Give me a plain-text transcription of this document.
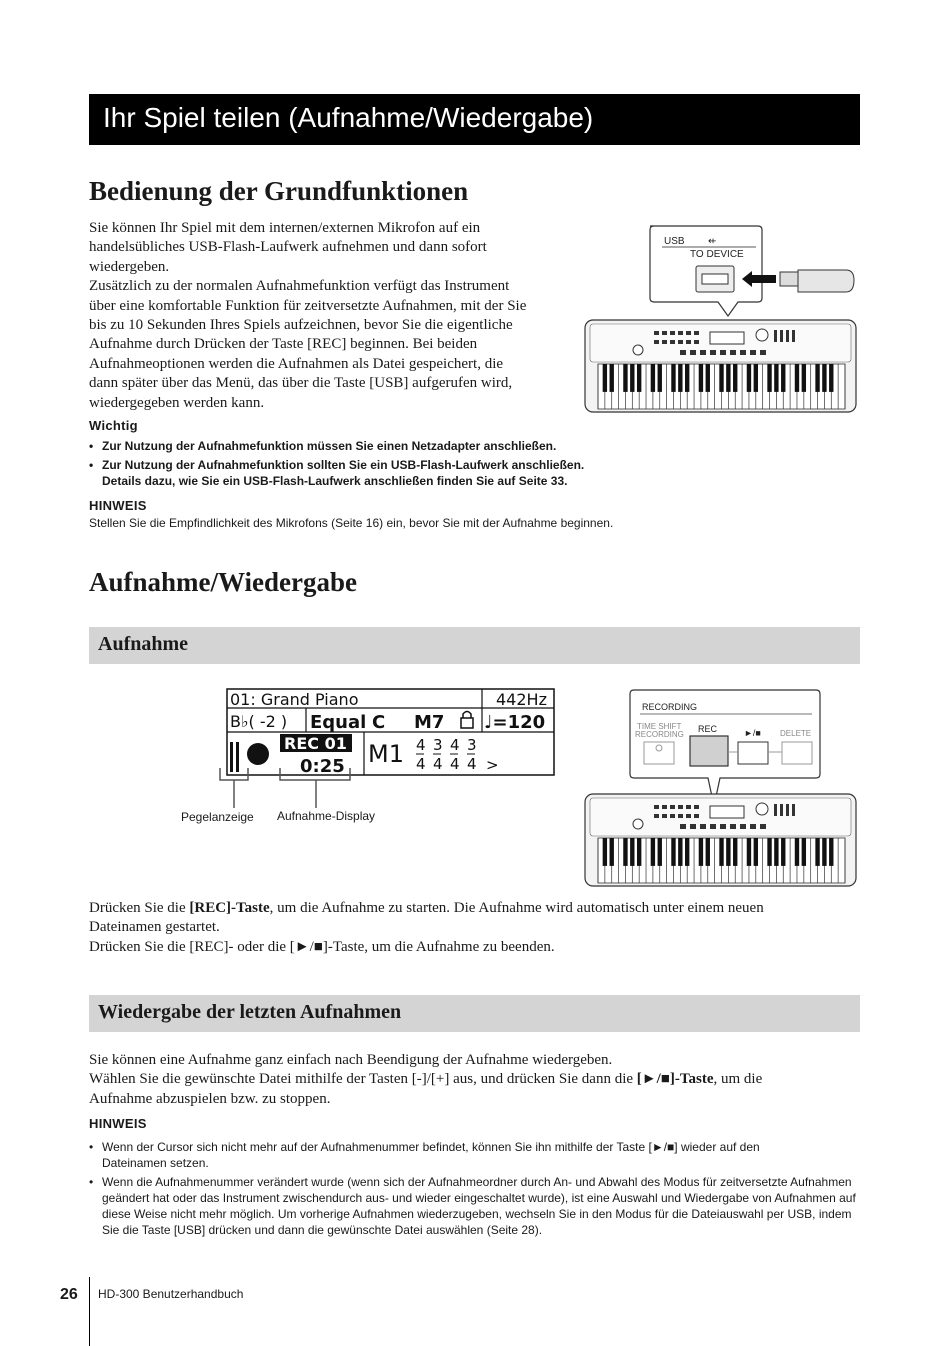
Ihr Spiel teilen (Aufnahme/Wiedergabe)
Bedienung der Grundfunktionen

Sie können Ihr Spiel mit dem internen/externen Mikrofon auf ein

handelsübliches USB-Flash-Laufwerk aufnehmen und dann sofort

wiedergeben.

Zusätzlich zu der normalen Aufnahmefunktion verfügt das Instrument

über eine komfortable Funktion für zeitversetzte Aufnahmen, mit der Sie

bis zu 10 Sekunden Ihres Spiels aufzeichnen, bevor Sie die eigentliche

Aufnahme durch Drücken der Taste [REC] beginnen. Bei beiden

Aufnahmeoptionen werden die Aufnahmen als Datei gespeichert, die

dann später über das Menü, das über die Taste [USB] aufgerufen wird,

wiedergegeben werden kann.

USB ⇷
TO DEVICE
Wichtig
• Zur Nutzung der Aufnahmefunktion müssen Sie einen Netzadapter anschließen.
• Zur Nutzung der Aufnahmefunktion sollten Sie ein USB-Flash-Laufwerk anschließen. Details dazu, wie Sie ein USB-Flash-Laufwerk anschließen finden Sie auf Seite 33.
HINWEIS
Stellen Sie die Empfindlichkeit des Mikrofons (Seite 16) ein, bevor Sie mit der Aufnahme beginnen.
Aufnahme/Wiedergabe
Aufnahme
01: Grand Piano	442Hz
B♭( -2 ) Equal C M7 ♩=120
REC 01
0:25 M1 4 3 4 3
4 4 4 4 >
Pegelanzeige Aufnahme-Display
RECORDING
TIME SHIFT
RECORDING
REC	►/■ DELETE

Drücken Sie die [REC]-Taste, um die Aufnahme zu starten. Die Aufnahme wird automatisch unter einem neuen

Dateinamen gestartet.

Drücken Sie die [REC]- oder die [►/■]-Taste, um die Aufnahme zu beenden.

Wiedergabe der letzten Aufnahmen

Sie können eine Aufnahme ganz einfach nach Beendigung der Aufnahme wiedergeben.

Wählen Sie die gewünschte Datei mithilfe der Tasten [-]/[+] aus, und drücken Sie dann die [►/■]-Taste, um die

Aufnahme abzuspielen bzw. zu stoppen.

HINWEIS
• Wenn der Cursor sich nicht mehr auf der Aufnahmenummer befindet, können Sie ihn mithilfe der Taste [►/■] wieder auf den Dateinamen setzen.
• Wenn die Aufnahmenummer verändert wurde (wenn sich der Aufnahmeordner durch An- und Abwahl des Modus für zeitversetzte Aufnahmen geändert hat oder das Instrument zwischendurch aus- und wieder eingeschaltet wurde), ist eine Auswahl und Wiedergabe von Aufnahmen auf diese Weise nicht mehr möglich. Um vorherige Aufnahmen wiederzugeben, wechseln Sie in den Modus für die Dateiauswahl per USB, indem Sie die Taste [USB] drücken und dann die gewünschte Datei auswählen (Seite 28).
26 HD-300 Benutzerhandbuch
